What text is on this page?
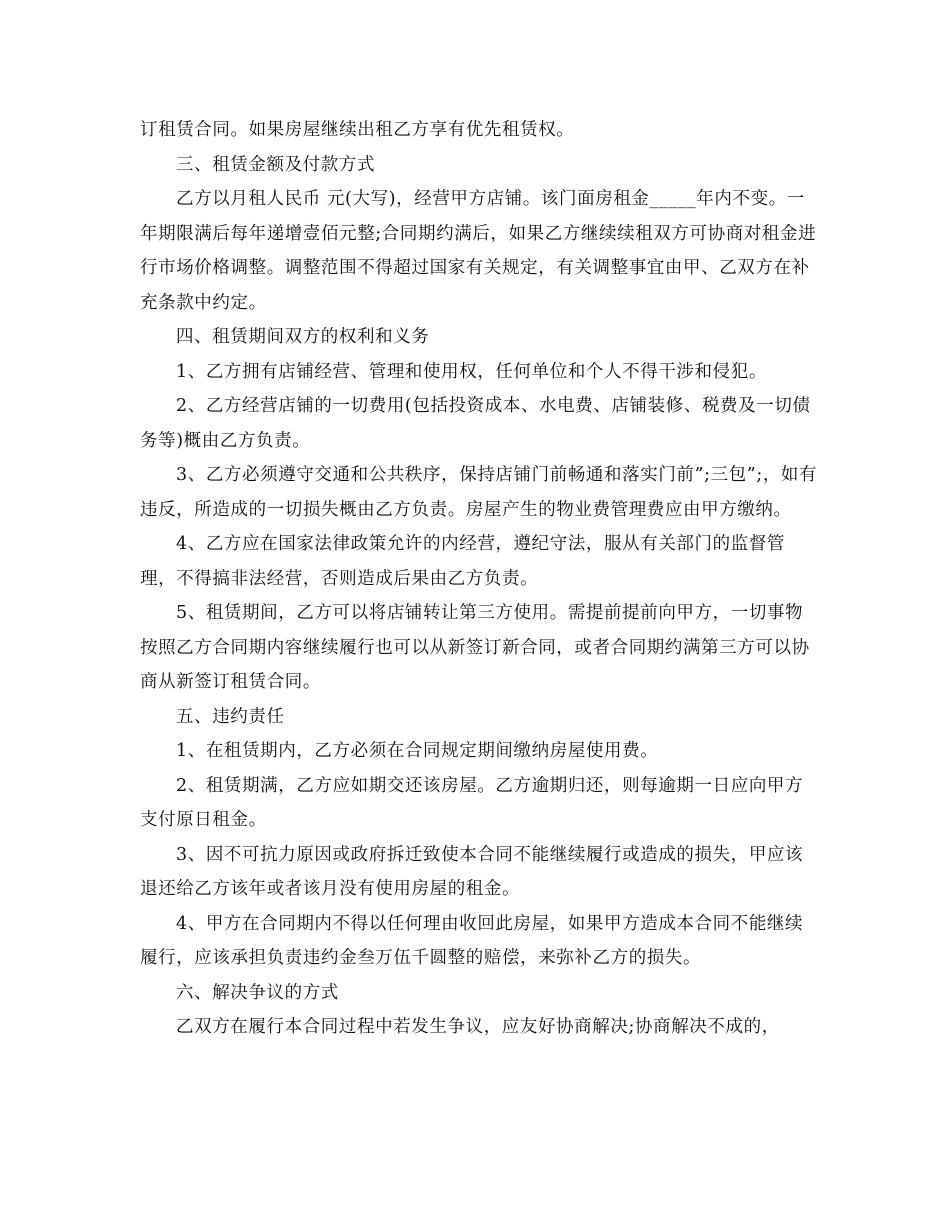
订租赁合同。如果房屋继续出租乙方享有优先租赁权。

三、租赁金额及付款方式

乙方以月租人民币 元(大写)，经营甲方店铺。该门面房租金_____年内不变。一年期限满后每年递增壹佰元整;合同期约满后，如果乙方继续续租双方可协商对租金进行市场价格调整。调整范围不得超过国家有关规定，有关调整事宜由甲、乙双方在补充条款中约定。

四、租赁期间双方的权利和义务

1、乙方拥有店铺经营、管理和使用权，任何单位和个人不得干涉和侵犯。

2、乙方经营店铺的一切费用(包括投资成本、水电费、店铺装修、税费及一切债务等)概由乙方负责。

3、乙方必须遵守交通和公共秩序，保持店铺门前畅通和落实门前”;三包”;，如有违反，所造成的一切损失概由乙方负责。房屋产生的物业费管理费应由甲方缴纳。

4、乙方应在国家法律政策允许的内经营，遵纪守法，服从有关部门的监督管理，不得搞非法经营，否则造成后果由乙方负责。

5、租赁期间，乙方可以将店铺转让第三方使用。需提前提前向甲方，一切事物按照乙方合同期内容继续履行也可以从新签订新合同，或者合同期约满第三方可以协商从新签订租赁合同。

五、违约责任

1、在租赁期内，乙方必须在合同规定期间缴纳房屋使用费。

2、租赁期满，乙方应如期交还该房屋。乙方逾期归还，则每逾期一日应向甲方支付原日租金。

3、因不可抗力原因或政府拆迁致使本合同不能继续履行或造成的损失，甲应该退还给乙方该年或者该月没有使用房屋的租金。

4、甲方在合同期内不得以任何理由收回此房屋，如果甲方造成本合同不能继续履行，应该承担负责违约金叁万伍千圆整的赔偿，来弥补乙方的损失。

六、解决争议的方式

乙双方在履行本合同过程中若发生争议，应友好协商解决;协商解决不成的，
